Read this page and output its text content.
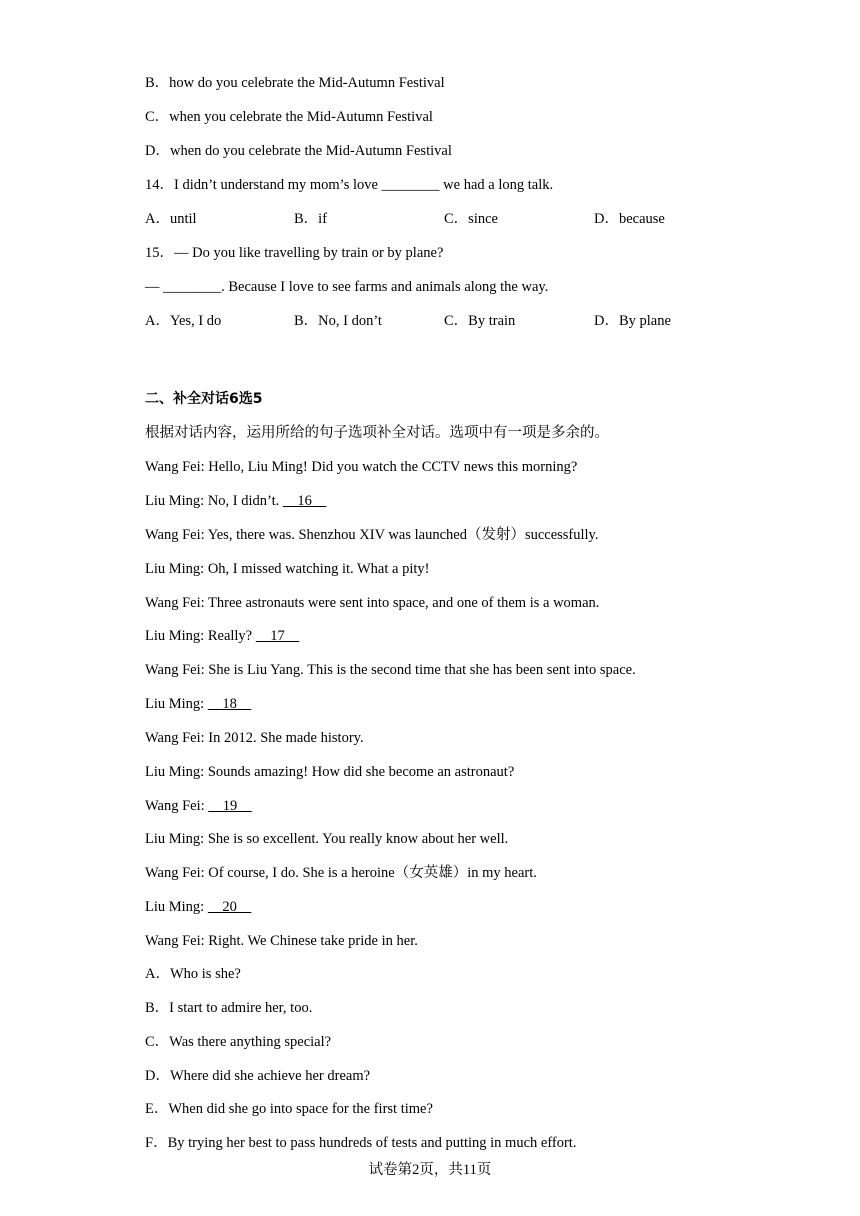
B．how do you celebrate the Mid-Autumn Festival
C．when you celebrate the Mid-Autumn Festival
D．when do you celebrate the Mid-Autumn Festival
14．I didn’t understand my mom’s love ________ we had a long talk.
A．until	B．if	C．since	D．because
15．— Do you like travelling by train or by plane?
— ________. Because I love to see farms and animals along the way.
A．Yes, I do	B．No, I don’t	C．By train	D．By plane
二、补全对话6选5
根据对话内容，运用所给的句子选项补全对话。选项中有一项是多余的。
Wang Fei: Hello, Liu Ming! Did you watch the CCTV news this morning?
Liu Ming: No, I didn’t.     16
Wang Fei: Yes, there was. Shenzhou XIV was launched（发射）successfully.
Liu Ming: Oh, I missed watching it. What a pity!
Wang Fei: Three astronauts were sent into space, and one of them is a woman.
Liu Ming: Really?     17
Wang Fei: She is Liu Yang. This is the second time that she has been sent into space.
Liu Ming:     18
Wang Fei: In 2012. She made history.
Liu Ming: Sounds amazing! How did she become an astronaut?
Wang Fei:     19
Liu Ming: She is so excellent. You really know about her well.
Wang Fei: Of course, I do. She is a heroine（女英雄）in my heart.
Liu Ming:     20
Wang Fei: Right. We Chinese take pride in her.
A．Who is she?
B．I start to admire her, too.
C．Was there anything special?
D．Where did she achieve her dream?
E．When did she go into space for the first time?
F．By trying her best to pass hundreds of tests and putting in much effort.
试卷第2页，共11页
